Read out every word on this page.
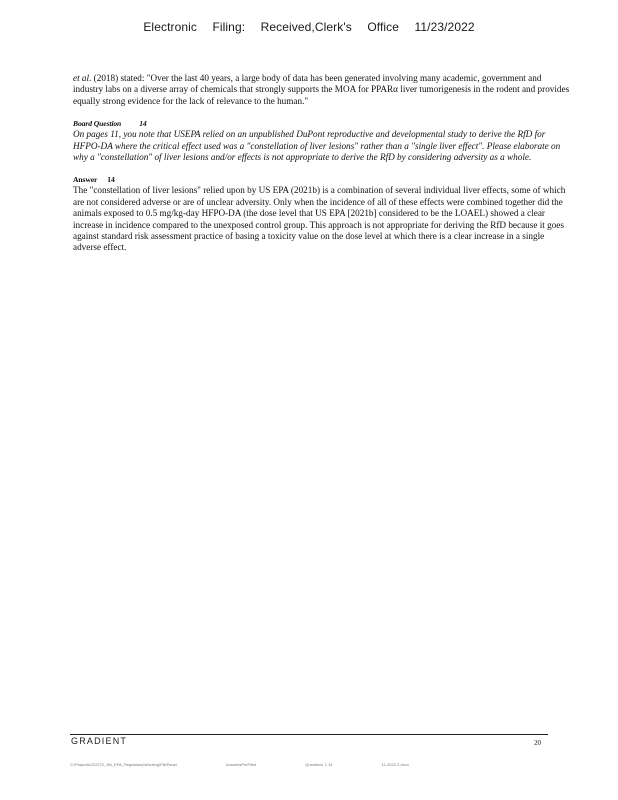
Electronic Filing: Received,Clerk's Office 11/23/2022

et al. (2018) stated: "Over the last 40 years, a large body of data has been generated involving many academic, government and industry labs on a diverse array of chemicals that strongly supports the MOA for PPARα liver tumorigenesis in the rodent and provides equally strong evidence for the lack of relevance to the human."

Board Question 14

On pages 11, you note that USEPA relied on an unpublished DuPont reproductive and developmental study to derive the RfD for HFPO-DA where the critical effect used was a "constellation of liver lesions" rather than a "single liver effect". Please elaborate on why a "constellation" of liver lesions and/or effects is not appropriate to derive the RfD by considering adversity as a whole.

Answer 14

The "constellation of liver lesions" relied upon by US EPA (2021b) is a combination of several individual liver effects, some of which are not considered adverse or are of unclear adversity. Only when the incidence of all of these effects were combined together did the animals exposed to 0.5 mg/kg-day HFPO-DA (the dose level that US EPA [2021b] considered to be the LOAEL) showed a clear increase in incidence compared to the unexposed control group. This approach is not appropriate for deriving the RfD because it goes against standard risk assessment practice of basing a toxicity value on the dose level at which there is a clear increase in a single adverse effect.

GRADIENT	20
C:\Projects\222272_3M_EPA_Regulatory\Working\FilePanel	AnswersPreFiled	Questions 7-14	11-2022 2.docx
